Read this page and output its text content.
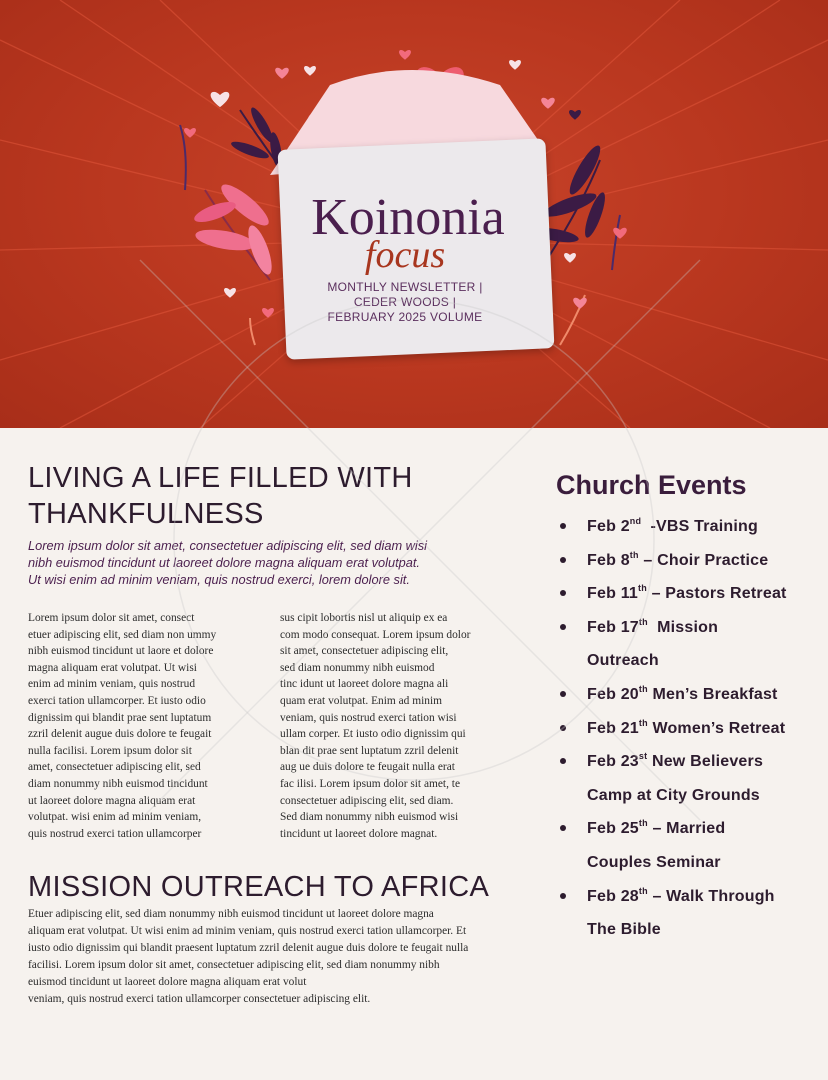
Koinonia
focus
MONTHLY NEWSLETTER |
CEDER WOODS |
FEBRUARY 2025 VOLUME
LIVING A LIFE FILLED WITH
THANKFULNESS
Lorem ipsum dolor sit amet, consectetuer adipiscing elit, sed diam wisi
nibh euismod tincidunt ut laoreet dolore magna aliquam erat volutpat.
Ut wisi enim ad minim veniam, quis nostrud exerci, lorem dolore sit.
Lorem ipsum dolor sit amet, consect
etuer adipiscing elit, sed diam non ummy
nibh euismod tincidunt ut laore et dolore
magna aliquam erat volutpat. Ut wisi
enim ad minim veniam, quis nostrud
exerci tation ullamcorper. Et iusto odio
dignissim qui blandit prae sent luptatum
zzril delenit augue duis dolore te feugait
nulla facilisi. Lorem ipsum dolor sit
amet, consectetuer adipiscing elit, sed
diam nonummy nibh euismod tincidunt
ut laoreet dolore magna aliquam erat
volutpat. wisi enim ad minim veniam,
quis nostrud exerci tation ullamcorper
sus cipit lobortis nisl ut aliquip ex ea
com modo consequat. Lorem ipsum dolor
sit amet, consectetuer adipiscing elit,
sed diam nonummy nibh euismod
tinc idunt ut laoreet dolore magna ali
quam erat volutpat. Enim ad minim
veniam, quis nostrud exerci tation wisi
ullam corper. Et iusto odio dignissim qui
blan dit prae sent luptatum zzril delenit
aug ue duis dolore te feugait nulla erat
fac ilisi. Lorem ipsum dolor sit amet, te
consectetuer adipiscing elit, sed diam.
Sed diam nonummy nibh euismod wisi
tincidunt ut laoreet dolore magnat.
MISSION OUTREACH TO AFRICA
Etuer adipiscing elit, sed diam nonummy nibh euismod tincidunt ut laoreet dolore magna
aliquam erat volutpat. Ut wisi enim ad minim veniam, quis nostrud exerci tation ullamcorper. Et
iusto odio dignissim qui blandit praesent luptatum zzril delenit augue duis dolore te feugait nulla
facilisi. Lorem ipsum dolor sit amet, consectetuer adipiscing elit, sed diam nonummy nibh
euismod tincidunt ut laoreet dolore magna aliquam erat volut
veniam, quis nostrud exerci tation ullamcorper consectetuer adipiscing elit.
Church Events
Feb 2nd  -VBS Training
Feb 8th – Choir Practice
Feb 11th – Pastors Retreat
Feb 17th  Mission
Outreach
Feb 20th Men’s Breakfast
Feb 21th Women’s Retreat
Feb 23st New Believers
Camp at City Grounds
Feb 25th – Married
Couples Seminar
Feb 28th – Walk Through
The Bible
